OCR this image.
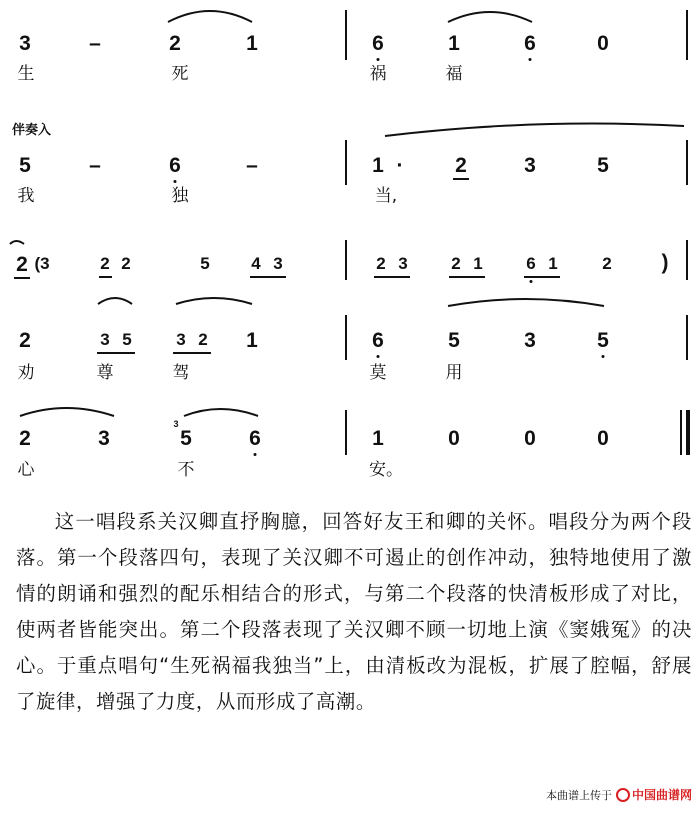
3	–	2	1	6	1	6	0
生	死	祸	福
伴奏入
5	–	6	–	1 · 2	3	5
我	独	当,
2 (3	2 2	5 4 3	2 3	2 1	6 1	2 )
2	3 5	3 2 1	6	5	3	5
劝	尊	驾	莫	用
2	3
3
5	6	1	0	0	0
心	不	安。
这一唱段系关汉卿直抒胸臆，回答好友王和卿的关怀。唱段分为两个段落。第一个段落四句，表现了关汉卿不可遏止的创作冲动，独特地使用了激情的朗诵和强烈的配乐相结合的形式，与第二个段落的快清板形成了对比，使两者皆能突出。第二个段落表现了关汉卿不顾一切地上演《窦娥冤》的决心。于重点唱句“生死祸福我独当”上，由清板改为混板，扩展了腔幅，舒展了旋律，增强了力度，从而形成了高潮。
本曲谱上传于 中国曲谱网
